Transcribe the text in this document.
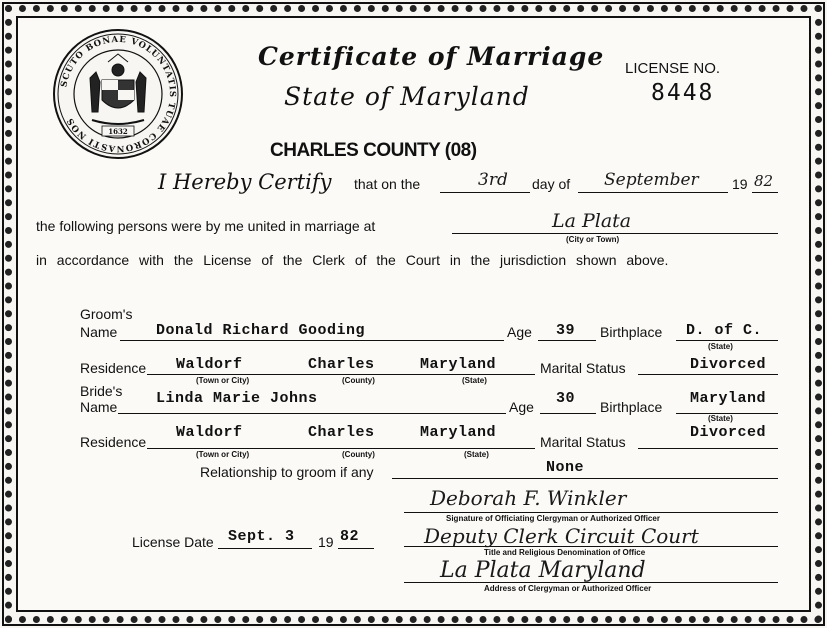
SCUTO BONAE VOLUNTATIS TUAE CORONASTI NOS
1632
Certificate of Marriage
State of Maryland
LICENSE NO.
8448
CHARLES COUNTY (08)
I Hereby Certify that on the	3rd day of September 19 82
the following persons were by me united in marriage at	La Plata
(City or Town)
in accordance with the License of the Clerk of the Court in the jurisdiction shown above.
Groom's
Name	Donald Richard Gooding	Age 39 Birthplace D. of C.
(State)
Residence Waldorf	Charles	Maryland
(Town or City)	(County)	(State)
Marital Status	Divorced
Bride's
Name	Linda Marie Johns	Age 30 Birthplace Maryland
(State)
Residence
Waldorf	Charles	Maryland
(Town or City)	(County)	(State)
Marital Status
Divorced
Relationship to groom if any	None
Deborah F. Winkler
Signature of Officiating Clergyman or Authorized Officer
Deputy Clerk Circuit Court
Title and Religious Denomination of Office
La Plata Maryland
Address of Clergyman or Authorized Officer
License Date Sept. 3 19 82
